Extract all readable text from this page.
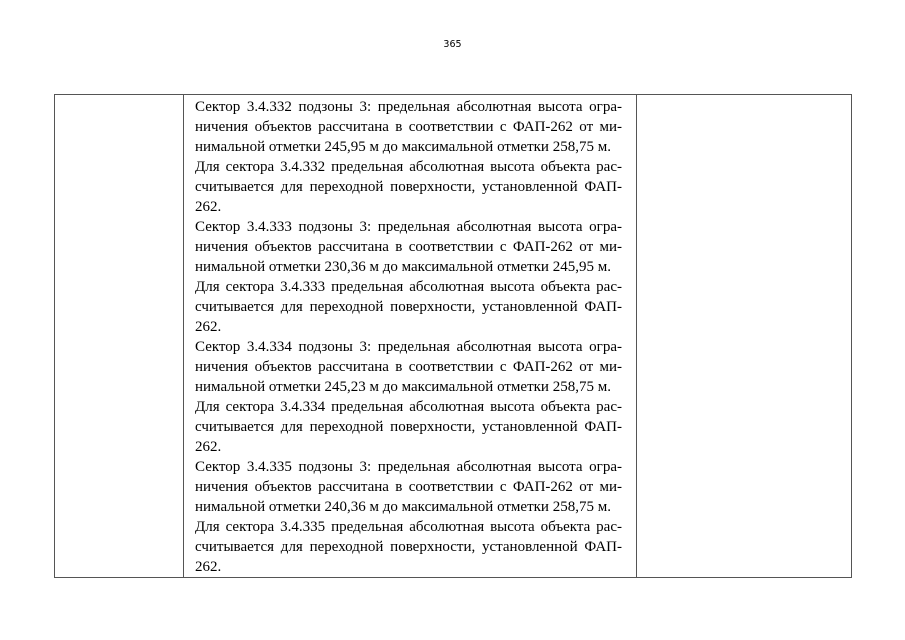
365

Сектор 3.4.332 подзоны 3: предельная абсолютная высота огра-
ничения объектов рассчитана в соответствии с ФАП-262 от ми-
нимальной отметки 245,95 м до максимальной отметки 258,75 м.
Для сектора 3.4.332 предельная абсолютная высота объекта рас-
считывается для переходной поверхности, установленной ФАП-
262.
Сектор 3.4.333 подзоны 3: предельная абсолютная высота огра-
ничения объектов рассчитана в соответствии с ФАП-262 от ми-
нимальной отметки 230,36 м до максимальной отметки 245,95 м.
Для сектора 3.4.333 предельная абсолютная высота объекта рас-
считывается для переходной поверхности, установленной ФАП-
262.
Сектор 3.4.334 подзоны 3: предельная абсолютная высота огра-
ничения объектов рассчитана в соответствии с ФАП-262 от ми-
нимальной отметки 245,23 м до максимальной отметки 258,75 м.
Для сектора 3.4.334 предельная абсолютная высота объекта рас-
считывается для переходной поверхности, установленной ФАП-
262.
Сектор 3.4.335 подзоны 3: предельная абсолютная высота огра-
ничения объектов рассчитана в соответствии с ФАП-262 от ми-
нимальной отметки 240,36 м до максимальной отметки 258,75 м.
Для сектора 3.4.335 предельная абсолютная высота объекта рас-
считывается для переходной поверхности, установленной ФАП-
262.
